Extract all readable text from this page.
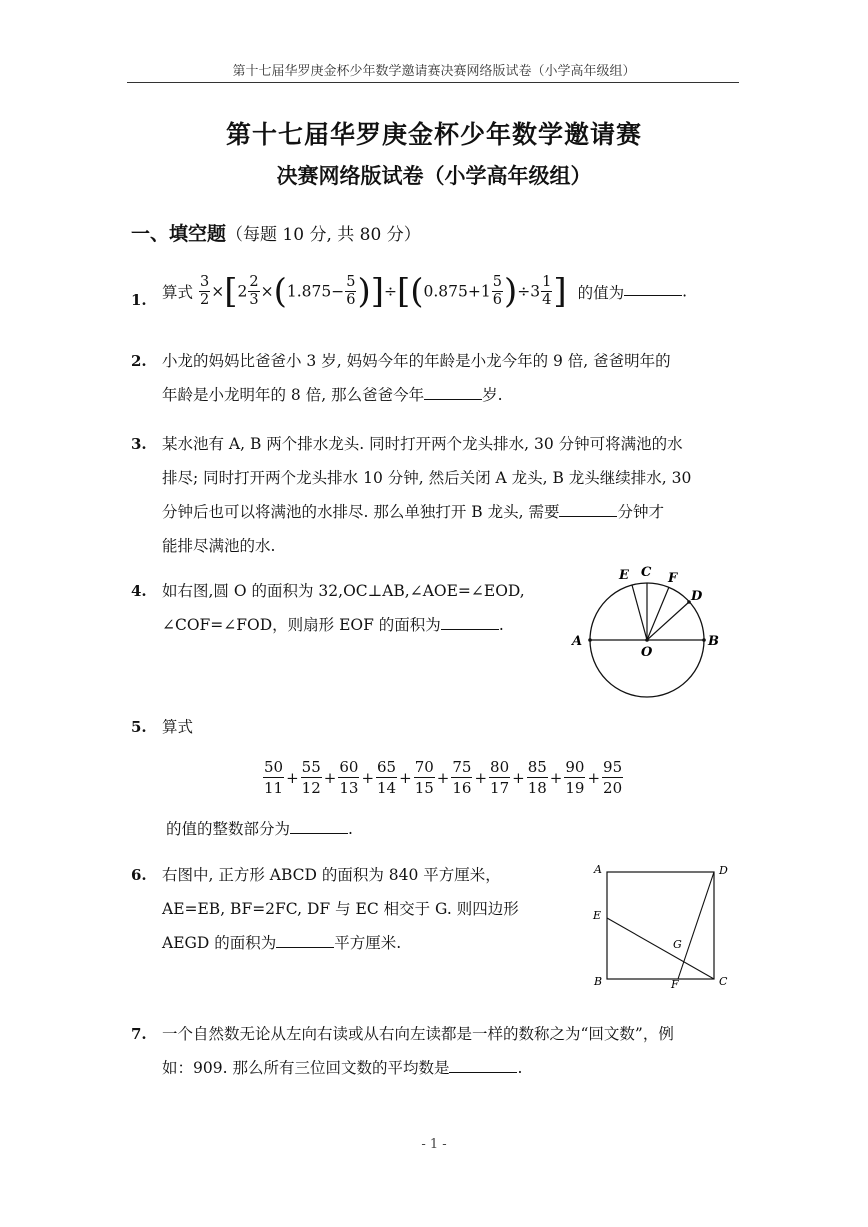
第十七届华罗庚金杯少年数学邀请赛决赛网络版试卷（小学高年级组）
第十七届华罗庚金杯少年数学邀请赛
决赛网络版试卷（小学高年级组）
一、填空题（每题 10 分, 共 80 分）
1. 算式 $\frac{3}{2} \times[2 \frac{2}{3} \times(1.875- \frac{5}{6} )]\div[(0.875+1 \frac{5}{6} )\div 3 \frac{1}{4}$ ] 的值为	.
2. 小龙的妈妈比爸爸小 3 岁, 妈妈今年的年龄是小龙今年的 9 倍, 爸爸明年的
年龄是小龙明年的 8 倍, 那么爸爸今年	岁.
3. 某水池有 A, B 两个排水龙头. 同时打开两个龙头排水, 30 分钟可将满池的水
排尽; 同时打开两个龙头排水 10 分钟, 然后关闭 A 龙头, B 龙头继续排水, 30
分钟后也可以将满池的水排尽. 那么单独打开 B 龙头, 需要	分钟才
能排尽满池的水.
4. 如右图,圆 O 的面积为 32,OC⊥AB,∠AOE=∠EOD,
∠COF=∠FOD，则扇形 EOF 的面积为	.
E C F
D
A
O
B
5. 算式
$\frac{50}{11} + \frac{55}{12} + \frac{60}{13} + \frac{65}{14} + \frac{70}{15} + \frac{75}{16} + \frac{80}{17} + \frac{85}{18} + \frac{90}{19} + \frac{95}{20}$
的值的整数部分为	.
6. 右图中, 正方形 ABCD 的面积为 840 平方厘米，
AE=EB, BF=2FC, DF 与 EC 相交于 G. 则四边形
AEGD 的面积为	平方厘米.
A	D
E
G
B	F	C
7. 一个自然数无论从左向右读或从右向左读都是一样的数称之为“回文数”，例
如：909. 那么所有三位回文数的平均数是	.
- 1 -
